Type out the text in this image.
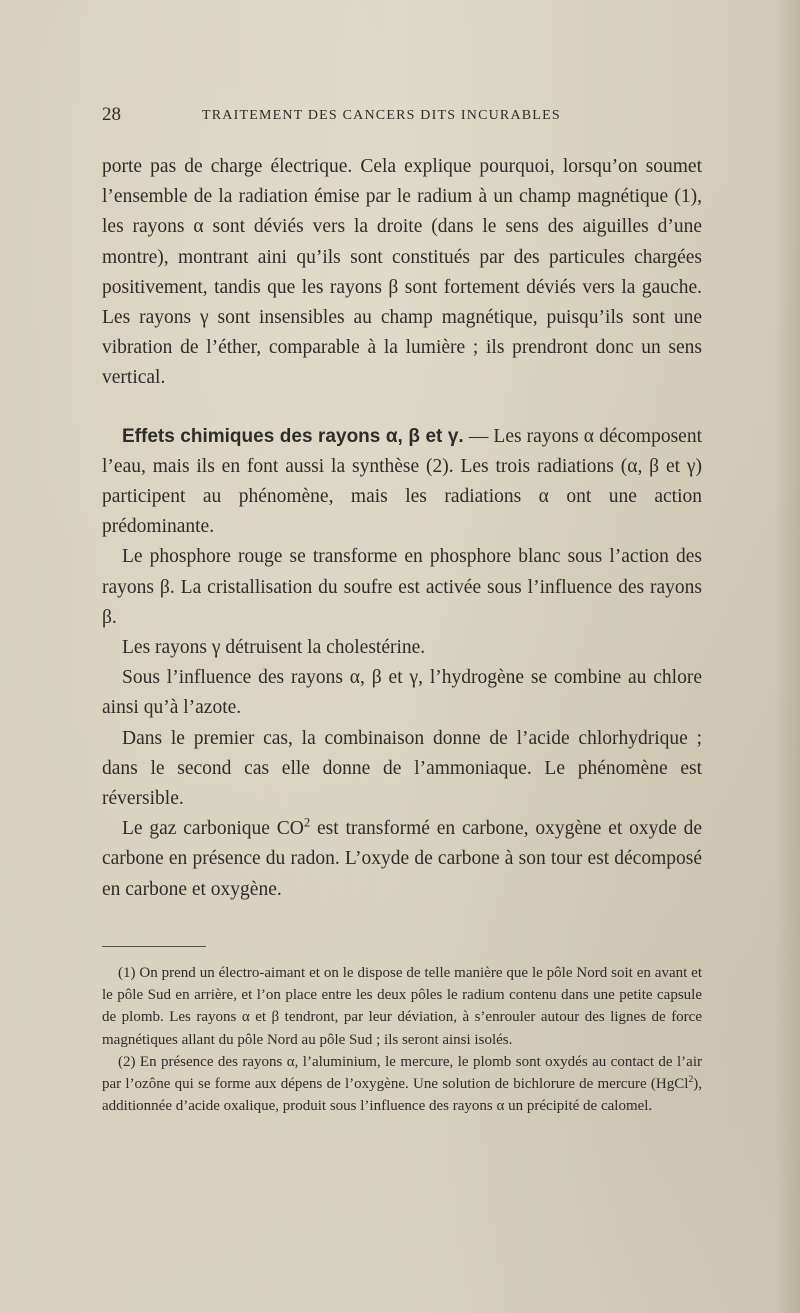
28	TRAITEMENT DES CANCERS DITS INCURABLES

porte pas de charge électrique. Cela explique pourquoi, lorsqu’on soumet l’ensemble de la radiation émise par le radium à un champ magnétique (1), les rayons α sont déviés vers la droite (dans le sens des aiguilles d’une montre), montrant aini qu’ils sont constitués par des particules chargées positivement, tandis que les rayons β sont fortement déviés vers la gauche. Les rayons γ sont insensibles au champ magnétique, puisqu’ils sont une vibration de l’éther, comparable à la lumière ; ils prendront donc un sens vertical.

Effets chimiques des rayons α, β et γ. — Les rayons α décomposent l’eau, mais ils en font aussi la synthèse (2). Les trois radiations (α, β et γ) participent au phénomène, mais les radiations α ont une action prédominante.

Le phosphore rouge se transforme en phosphore blanc sous l’action des rayons β. La cristallisation du soufre est activée sous l’influence des rayons β.

Les rayons γ détruisent la cholestérine.

Sous l’influence des rayons α, β et γ, l’hydrogène se combine au chlore ainsi qu’à l’azote.

Dans le premier cas, la combinaison donne de l’acide chlorhydrique ; dans le second cas elle donne de l’ammoniaque. Le phénomène est réversible.

Le gaz carbonique $CO^2$ est transformé en carbone, oxygène et oxyde de carbone en présence du radon. L’oxyde de carbone à son tour est décomposé en carbone et oxygène.

(1) On prend un électro-aimant et on le dispose de telle manière que le pôle Nord soit en avant et le pôle Sud en arrière, et l’on place entre les deux pôles le radium contenu dans une petite capsule de plomb. Les rayons α et β tendront, par leur déviation, à s’enrouler autour des lignes de force magnétiques allant du pôle Nord au pôle Sud ; ils seront ainsi isolés.

(2) En présence des rayons α, l’aluminium, le mercure, le plomb sont oxydés au contact de l’air par l’ozône qui se forme aux dépens de l’oxygène. Une solution de bichlorure de mercure (HgCl$^2$), additionnée d’acide oxalique, produit sous l’influence des rayons α un précipité de calomel.
